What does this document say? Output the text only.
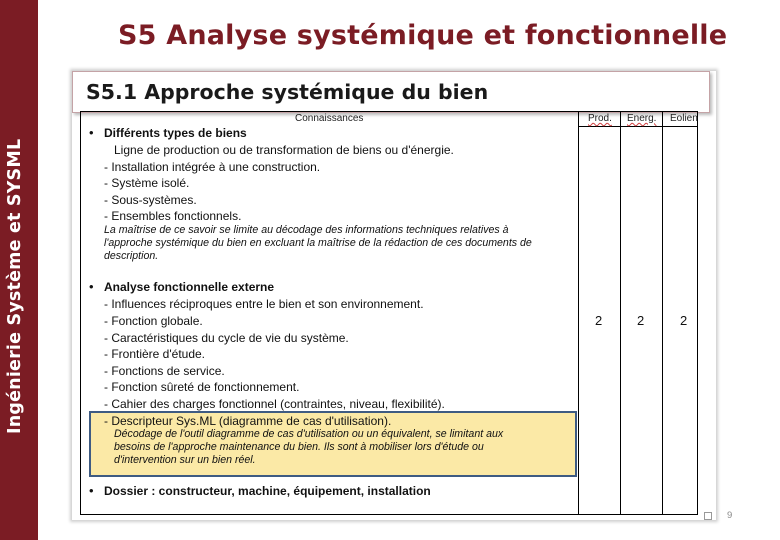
Ingénierie Système et SYSML
S5 Analyse systémique et fonctionnelle
S5.1 Approche systémique du bien
Connaissances	Prod. Energ. Eolien
• Différents types de biens
Ligne de production ou de transformation de biens ou d'énergie.
- Installation intégrée à une construction.
- Système isolé.
- Sous-systèmes.
- Ensembles fonctionnels.
La maîtrise de ce savoir se limite au décodage des informations techniques relatives à
l'approche systémique du bien en excluant la maîtrise de la rédaction de ces documents de
description.
• Analyse fonctionnelle externe
- Influences réciproques entre le bien et son environnement.
- Fonction globale.
- Caractéristiques du cycle de vie du système.
- Frontière d'étude.
- Fonctions de service.
- Fonction sûreté de fonctionnement.
- Cahier des charges fonctionnel (contraintes, niveau, flexibilité).
- Descripteur Sys.ML (diagramme de cas d'utilisation).
Décodage de l'outil diagramme de cas d'utilisation ou un équivalent, se limitant aux
besoins de l'approche maintenance du bien. Ils sont à mobiliser lors d'étude ou
d'intervention sur un bien réel.
2	2	2
• Dossier : constructeur, machine, équipement, installation
9
